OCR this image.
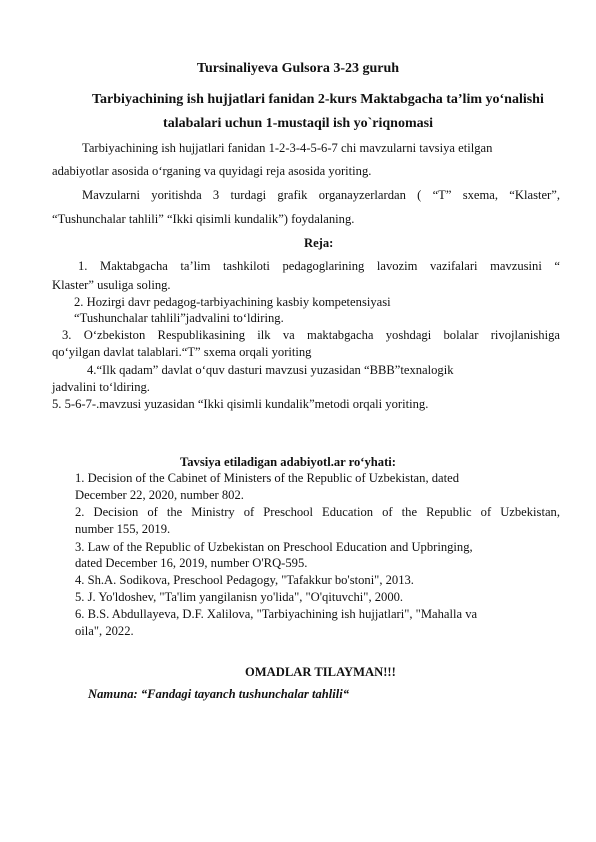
Tursinaliyeva Gulsora 3-23 guruh
Tarbiyachining ish hujjatlari fanidan 2-kurs Maktabgacha ta’lim yo‘nalishi
talabalari uchun 1-mustaqil ish yo`riqnomasi
Tarbiyachining ish hujjatlari fanidan 1-2-3-4-5-6-7 chi mavzularni tavsiya etilgan
adabiyotlar asosida o‘rganing va quyidagi reja asosida yoriting.
Mavzularni yoritishda 3 turdagi grafik organayzerlardan ( “T” sxema, “Klaster”,
“Tushunchalar tahlili” “Ikki qisimli kundalik”) foydalaning.
Reja:
1. Maktabgacha ta’lim tashkiloti pedagoglarining lavozim vazifalari mavzusini “
Klaster” usuliga soling.
2. Hozirgi davr pedagog-tarbiyachining kasbiy kompetensiyasi
“Tushunchalar tahlili”jadvalini to‘ldiring.
3. O‘zbekiston Respublikasining ilk va maktabgacha yoshdagi bolalar rivojlanishiga
qo‘yilgan davlat talablari.“T” sxema orqali yoriting
4.“Ilk qadam” davlat o‘quv dasturi mavzusi yuzasidan “BBB”texnalogik
jadvalini to‘ldiring.
5. 5-6-7-.mavzusi yuzasidan “Ikki qisimli kundalik”metodi orqali yoriting.
Tavsiya etiladigan adabiyotl.ar ro‘yhati:
1. Decision of the Cabinet of Ministers of the Republic of Uzbekistan, dated
December 22, 2020, number 802.
2. Decision of the Ministry of Preschool Education of the Republic of Uzbekistan,
number 155, 2019.
3. Law of the Republic of Uzbekistan on Preschool Education and Upbringing,
dated December 16, 2019, number O'RQ-595.
4. Sh.A. Sodikova, Preschool Pedagogy, "Tafakkur bo'stoni", 2013.
5. J. Yo'ldoshev, "Ta'lim yangilanisn yo'lida", "O'qituvchi", 2000.
6. B.S. Abdullayeva, D.F. Xalilova, "Tarbiyachining ish hujjatlari", "Mahalla va
oila", 2022.
OMADLAR TILAYMAN!!!
Namuna: “Fandagi tayanch tushunchalar tahlili“
